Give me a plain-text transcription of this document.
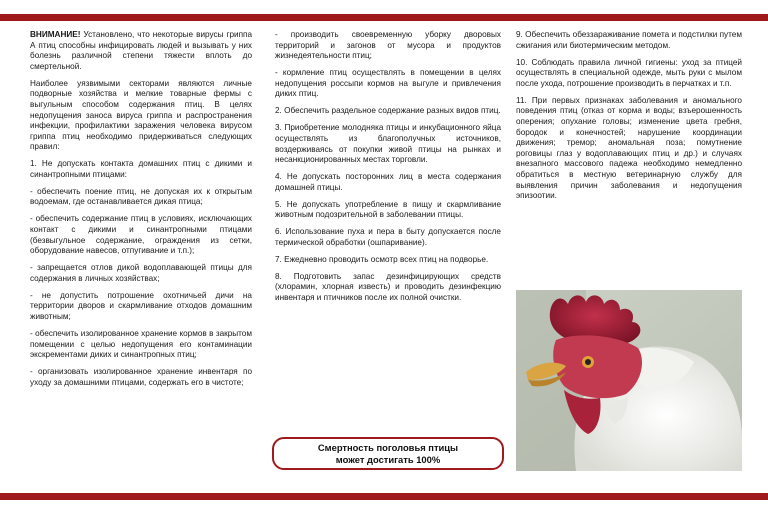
ВНИМАНИЕ! Установлено, что некоторые вирусы гриппа А птиц способны инфицировать людей и вызывать у них болезнь различной степени тяжести вплоть до смертельной.

Наиболее уязвимыми секторами являются личные подворные хозяйства и мелкие товарные фермы с выгульным способом содержания птиц. В целях недопущения заноса вируса гриппа и распространения инфекции, профилактики заражения человека вирусом гриппа птиц необходимо придерживаться следующих правил:

1. Не допускать контакта домашних птиц с дикими и синантропными птицами:

- обеспечить поение птиц, не допуская их к открытым водоемам, где останавливается дикая птица;

- обеспечить содержание птиц в условиях, исключающих контакт с дикими и синантропными птицами (безвыгульное содержание, ограждения из сетки, оборудование навесов, отпугивание и т.п.);

- запрещается отлов дикой водоплавающей птицы для содержания в личных хозяйствах;

- не допустить потрошение охотничьей дичи на территории дворов и скармливание отходов домашним животным;

- обеспечить изолированное хранение кормов в закрытом помещении с целью недопущения его контаминации экскрементами диких и синантропных птиц;

- организовать изолированное хранение инвентаря по уходу за домашними птицами, содержать его в чистоте;

- производить своевременную уборку дворовых территорий и загонов от мусора и продуктов жизнедеятельности птиц;

- кормление птиц осуществлять в помещении в целях недопущения россыпи кормов на выгуле и привлечения диких птиц.

2. Обеспечить раздельное содержание разных видов птиц.

3. Приобретение молодняка птицы и инкубационного яйца осуществлять из благополучных источников, воздерживаясь от покупки живой птицы на рынках и несанкционированных местах торговли.

4. Не допускать посторонних лиц в места содержания домашней птицы.

5. Не допускать употребление в пищу и скармливание животным подозрительной в заболевании птицы.

6. Использование пуха и пера в быту допускается после термической обработки (ошпаривание).

7. Ежедневно проводить осмотр всех птиц на подворье.

8. Подготовить запас дезинфицирующих средств (хлорамин, хлорная известь) и проводить дезинфекцию инвентаря и птичников после их полной очистки.

Смертность поголовья птицы
может достигать 100%

9. Обеспечить обеззараживание помета и подстилки путем сжигания или биотермическим методом.

10. Соблюдать правила личной гигиены: уход за птицей осуществлять в специальной одежде, мыть руки с мылом после ухода, потрошение производить в перчатках и т.п.

11. При первых признаках заболевания и аномального поведения птиц (отказ от корма и воды; взъерошенность оперения; опухание головы; изменение цвета гребня, бородок и конечностей; нарушение координации движения; тремор; аномальная поза; помутнение роговицы глаз у водоплавающих птиц и др.) и случаях внезапного массового падежа необходимо немедленно обратиться в местную ветеринарную службу для выявления причин заболевания и недопущения эпизоотии.
